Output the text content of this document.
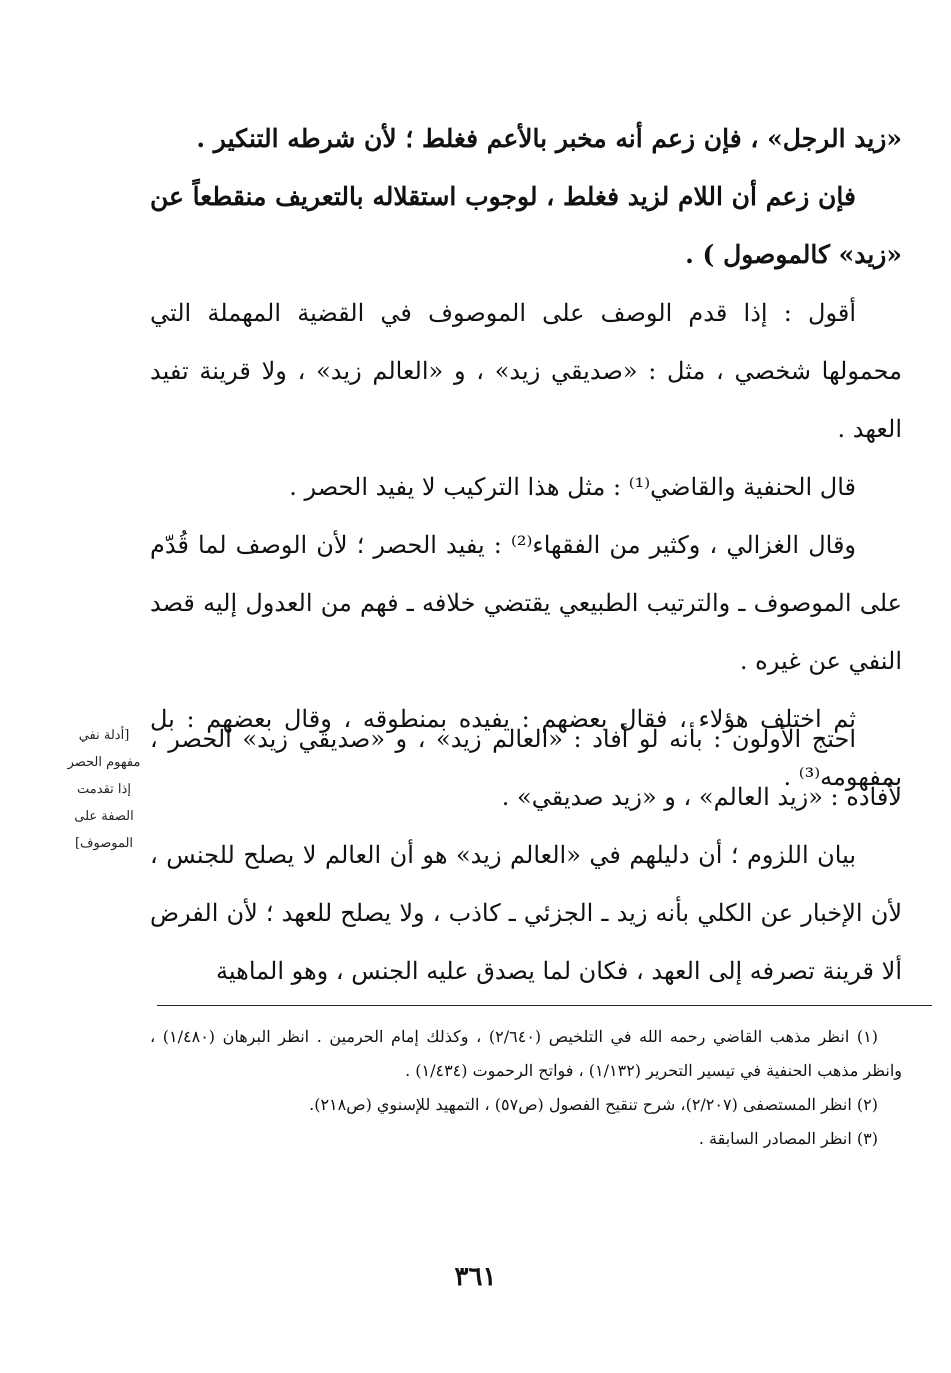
«زيد الرجل» ، فإن زعم أنه مخبر بالأعم فغلط ؛ لأن شرطه التنكير .

فإن زعم أن اللام لزيد فغلط ، لوجوب استقلاله بالتعريف منقطعاً عن «زيد» كالموصول ) .

أقول : إذا قدم الوصف على الموصوف في القضية المهملة التي محمولها شخصي ، مثل : «صديقي زيد» ، و «العالم زيد» ، ولا قرينة تفيد العهد .

قال الحنفية والقاضي⁽¹⁾ : مثل هذا التركيب لا يفيد الحصر .

وقال الغزالي ، وكثير من الفقهاء⁽²⁾ : يفيد الحصر ؛ لأن الوصف لما قُدّم على الموصوف ـ والترتيب الطبيعي يقتضي خلافه ـ فهم من العدول إليه قصد النفي عن غيره .

ثم اختلف هؤلاء ، فقال بعضهم : يفيده بمنطوقه ، وقال بعضهم : بل بمفهومه⁽³⁾ .

احتج الأولون : بأنه لو أفاد : «العالم زيد» ، و «صديقي زيد» الحصر ، لأفاده : «زيد العالم» ، و «زيد صديقي» .

بيان اللزوم ؛ أن دليلهم في «العالم زيد» هو أن العالم لا يصلح للجنس ، لأن الإخبار عن الكلي بأنه زيد ـ الجزئي ـ كاذب ، ولا يصلح للعهد ؛ لأن الفرض ألا قرينة تصرفه إلى العهد ، فكان لما يصدق عليه الجنس ، وهو الماهية

[أدلة نفي
مفهوم الحصر
إذا تقدمت
الصفة على
الموصوف]

(١) انظر مذهب القاضي رحمه الله في التلخيص (٢/٦٤٠) ، وكذلك إمام الحرمين . انظر البرهان (١/٤٨٠) ، وانظر مذهب الحنفية في تيسير التحرير (١/١٣٢) ، فواتح الرحموت (١/٤٣٤) .

(٢) انظر المستصفى (٢/٢٠٧)، شرح تنقيح الفصول (ص٥٧) ، التمهيد للإسنوي (ص٢١٨).

(٣) انظر المصادر السابقة .

٣٦١
